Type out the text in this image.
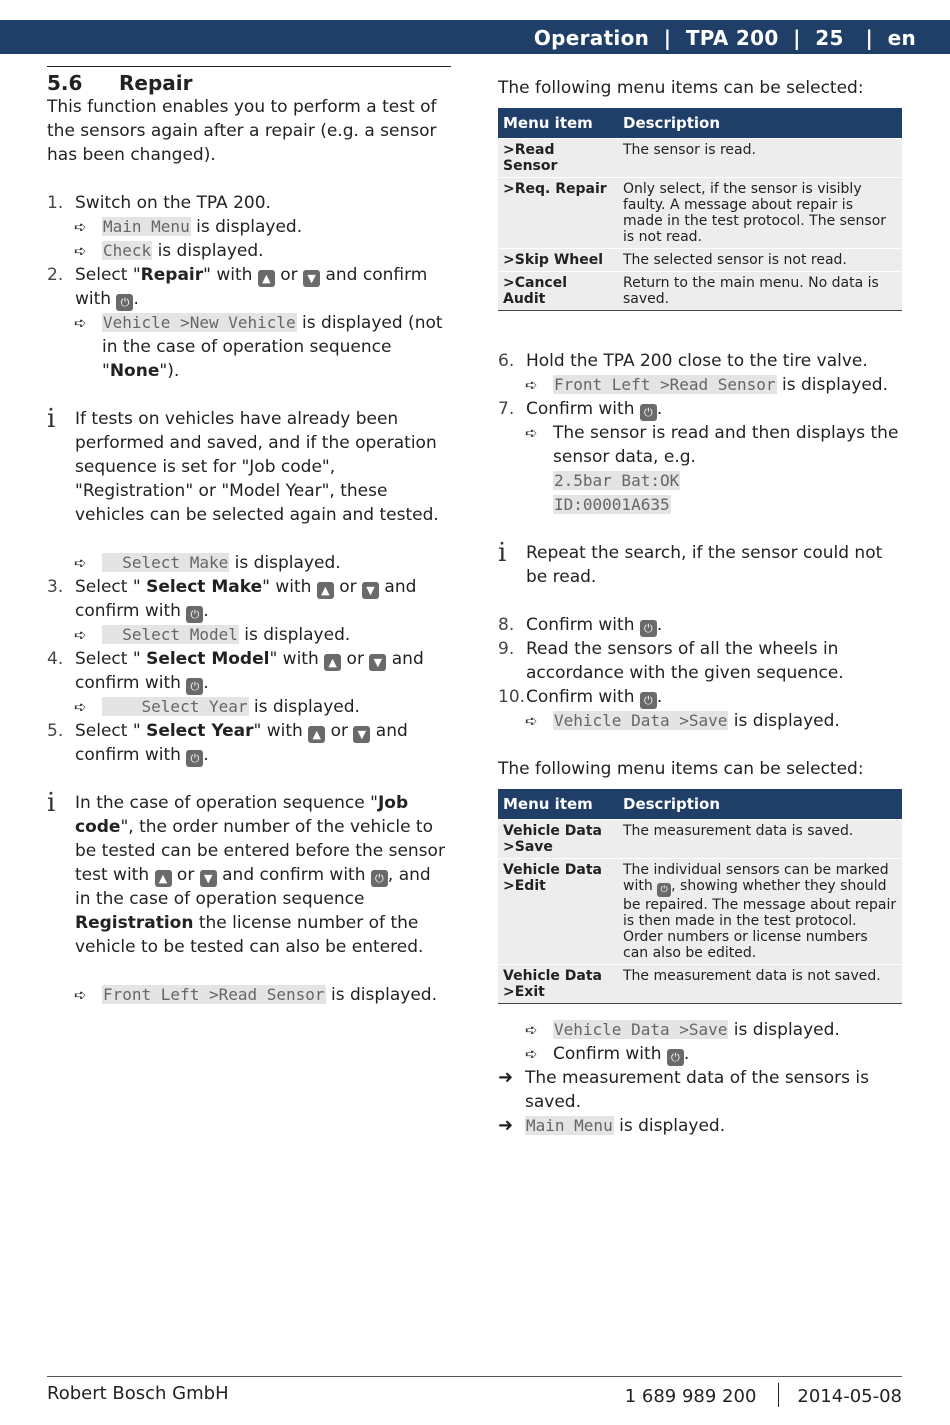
Operation  |  TPA 200  |  25   |  en
5.6 Repair

This function enables you to perform a test of the sensors again after a repair (e.g. a sensor has been changed).

1. Switch on the TPA 200.
➪ Main Menu is displayed.
➪ Check is displayed.
2. Select "Repair" with ▲ or ▼ and confirm with ⏻ .
➪ Vehicle >New Vehicle is displayed (not in the case of operation sequence "None").
i If tests on vehicles have already been performed and saved, and if the operation sequence is set for "Job code", "Registration" or "Model Year", these vehicles can be selected again and tested.
➪ Select Make is displayed.
3. Select " Select Make" with ▲ or ▼ and confirm with ⏻ .
➪ Select Model is displayed.
4. Select " Select Model" with ▲ or ▼ and confirm with ⏻ .
➪ Select Year is displayed.
5. Select " Select Year" with ▲ or ▼ and confirm with ⏻ .
i In the case of operation sequence "Job code", the order number of the vehicle to be tested can be entered before the sensor test with ▲ or ▼ and confirm with ⏻ , and in the case of operation sequence Registration the license number of the vehicle to be tested can also be entered.
➪ Front Left >Read Sensor is displayed.

The following menu items can be selected:

Menu item	Description
>Read Sensor	The sensor is read.
>Req. Repair	Only select, if the sensor is visibly faulty. A message about repair is made in the test protocol. The sensor is not read.
>Skip Wheel	The selected sensor is not read.
>Cancel Audit	Return to the main menu. No data is saved.
6. Hold the TPA 200 close to the tire valve.
➪ Front Left >Read Sensor is displayed.
7. Confirm with ⏻ .
➪ The sensor is read and then displays the sensor data, e.g.
2.5bar Bat:OK
ID:00001A635
i Repeat the search, if the sensor could not be read.
8. Confirm with ⏻ .
9. Read the sensors of all the wheels in accordance with the given sequence.
10. Confirm with ⏻ .
➪ Vehicle Data >Save is displayed.

The following menu items can be selected:

Menu item	Description
Vehicle Data >Save	The measurement data is saved.
Vehicle Data >Edit	The individual sensors can be marked with ⏻ , showing whether they should be repaired. The message about repair is then made in the test protocol. Order numbers or license numbers can also be edited.
Vehicle Data >Exit	The measurement data is not saved.
➪ Vehicle Data >Save is displayed.
➪ Confirm with ⏻ .
➜ The measurement data of the sensors is saved.
➜ Main Menu is displayed.
Robert Bosch GmbH	1 689 989 200 2014-05-08
